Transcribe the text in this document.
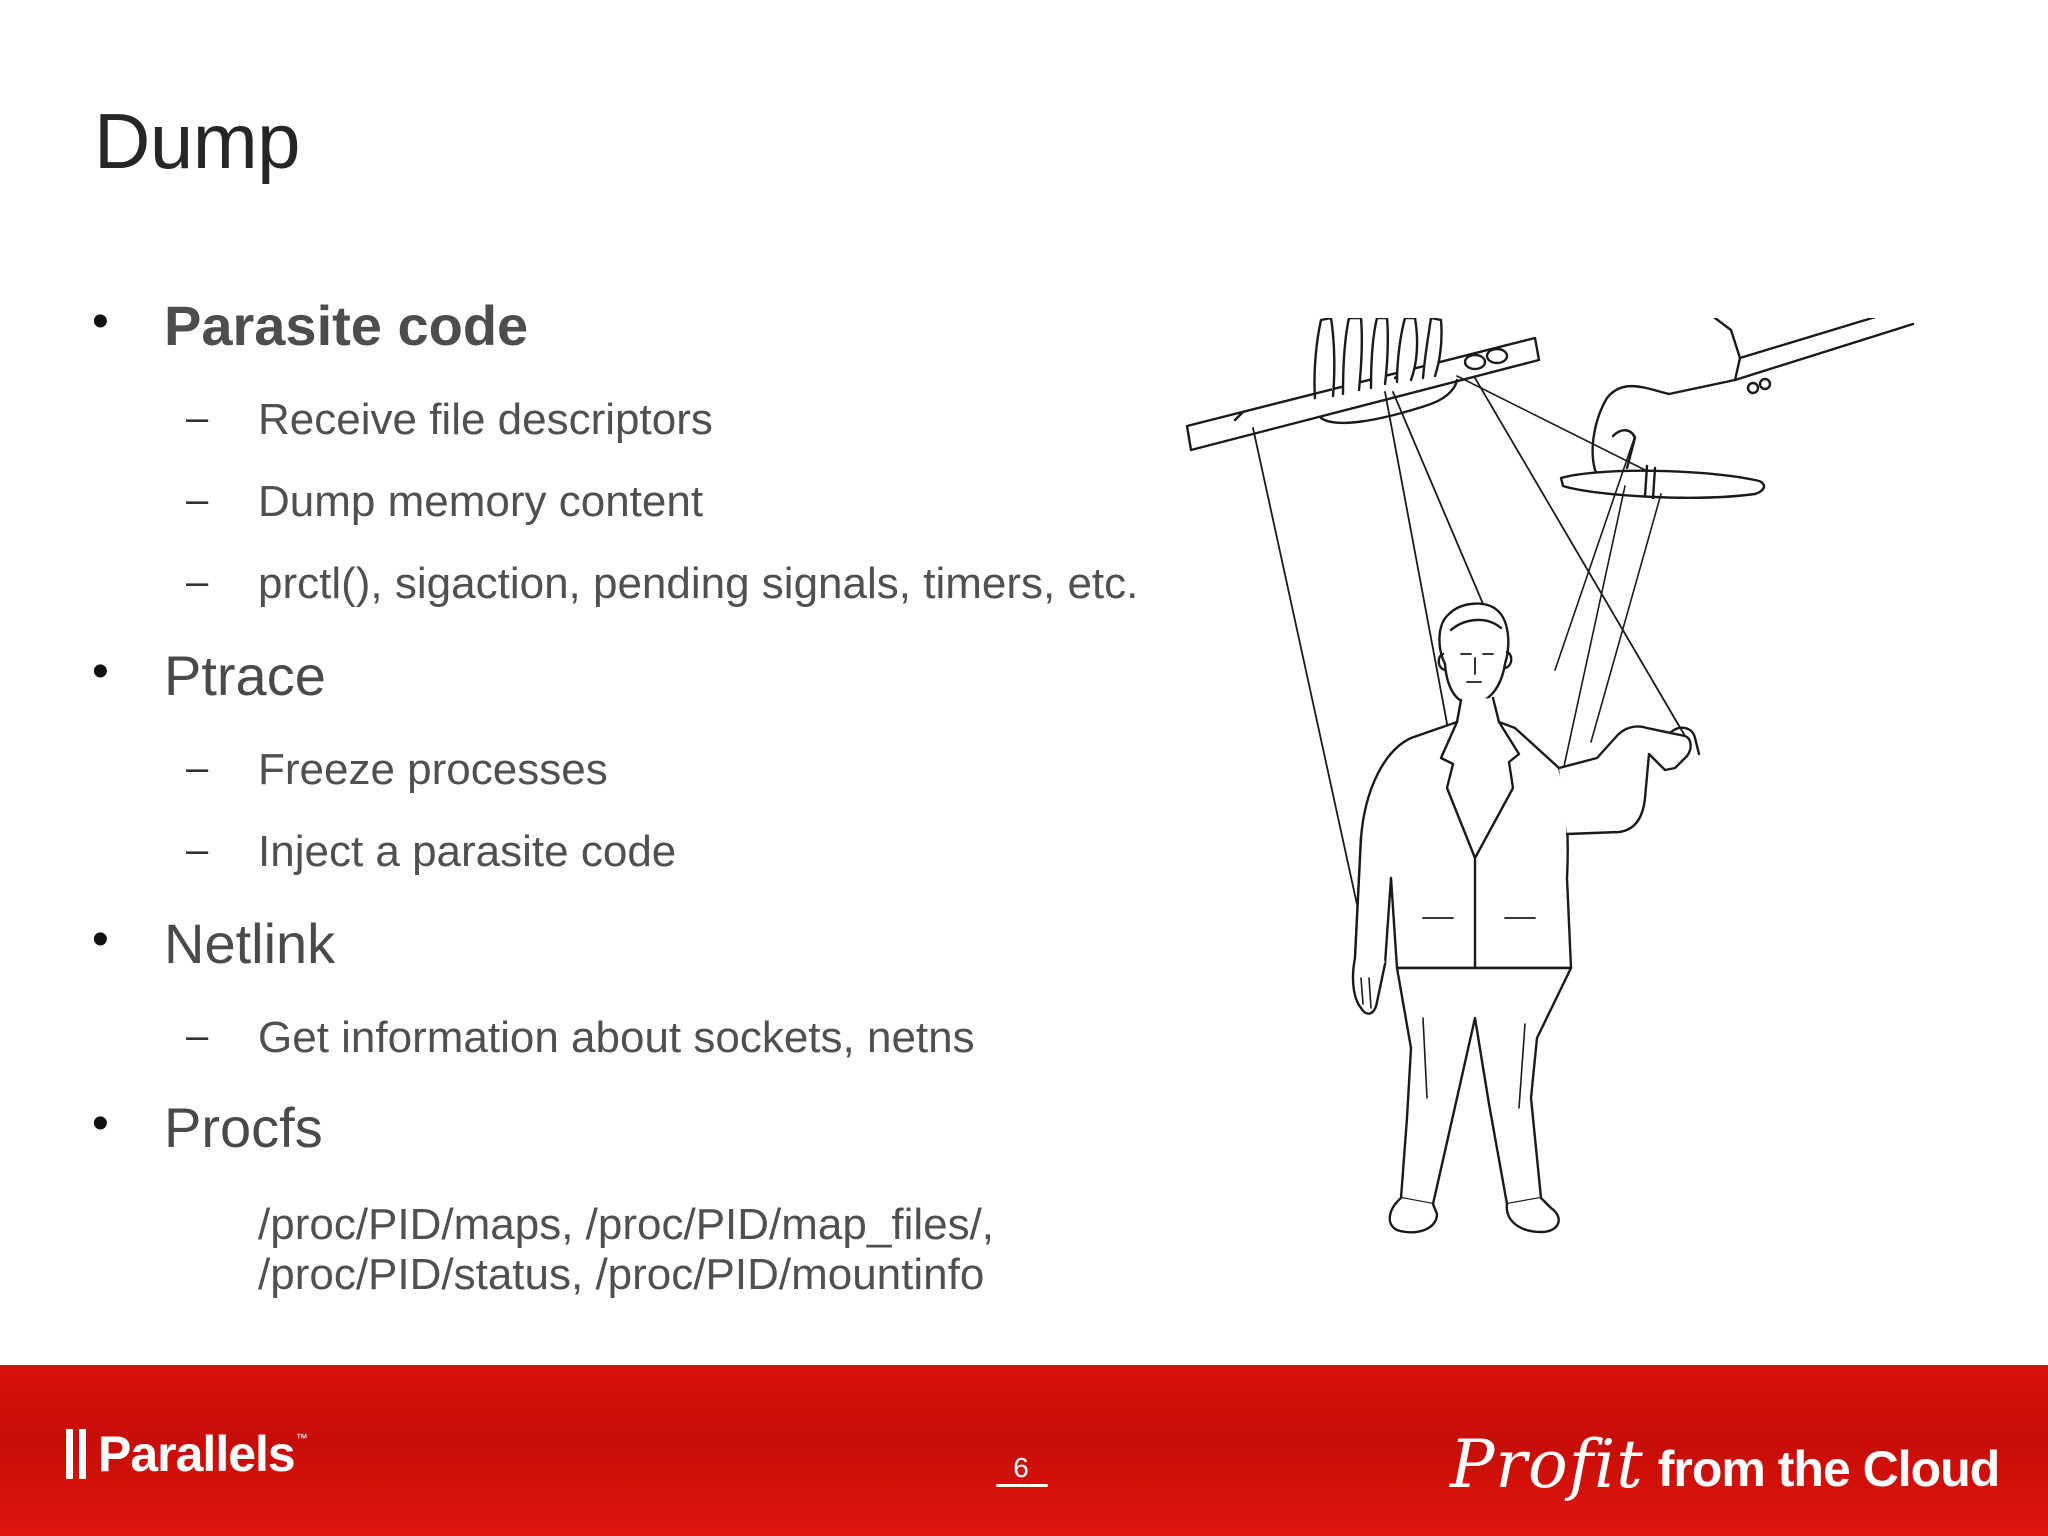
Dump
• Parasite code
– Receive file descriptors
– Dump memory content
– prctl(), sigaction, pending signals, timers, etc.
• Ptrace
– Freeze processes
– Inject a parasite code
• Netlink
– Get information about sockets, netns
• Procfs
/proc/PID/maps, /proc/PID/map_files/,
/proc/PID/status, /proc/PID/mountinfo
Parallels ™
6	Profit from the Cloud
